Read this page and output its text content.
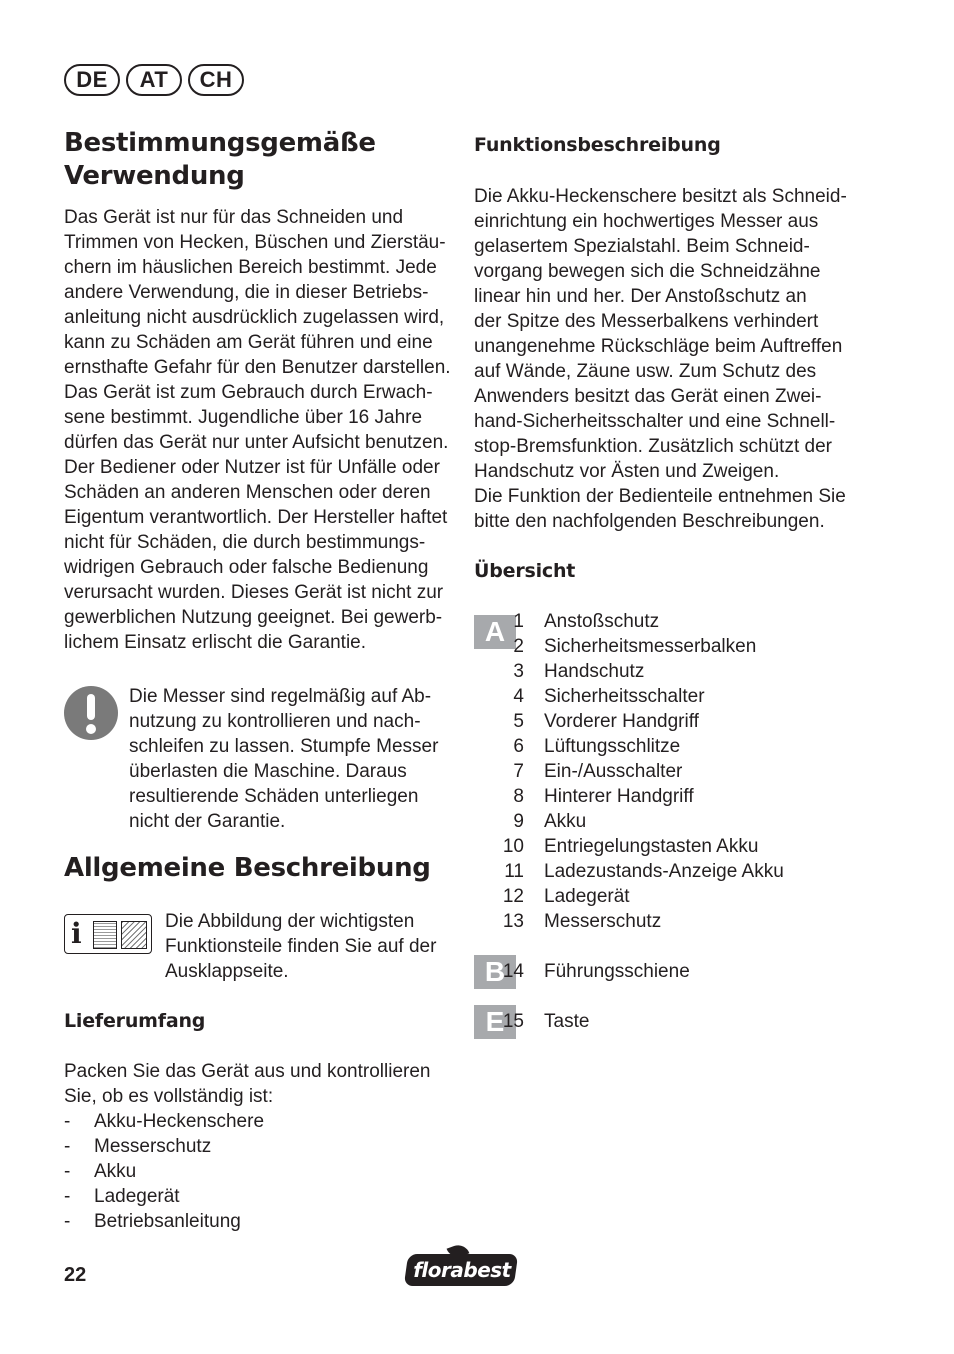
DE	AT	CH
Bestimmungsgemäße
Verwendung

Das Gerät ist nur für das Schneiden und

Trimmen von Hecken, Büschen und Zierstäu-

chern im häuslichen Bereich bestimmt. Jede

andere Verwendung, die in dieser Betriebs-

anleitung nicht ausdrücklich zugelassen wird,

kann zu Schäden am Gerät führen und eine

ernsthafte Gefahr für den Benutzer darstellen.

Das Gerät ist zum Gebrauch durch Erwach-

sene bestimmt. Jugendliche über 16 Jahre

dürfen das Gerät nur unter Aufsicht benutzen.

Der Bediener oder Nutzer ist für Unfälle oder

Schäden an anderen Menschen oder deren

Eigentum verantwortlich. Der Hersteller haftet

nicht für Schäden, die durch bestimmungs-

widrigen Gebrauch oder falsche Bedienung

verursacht wurden. Dieses Gerät ist nicht zur

gewerblichen Nutzung geeignet. Bei gewerb-

lichem Einsatz erlischt die Garantie.

Die Messer sind regelmäßig auf Ab-

nutzung zu kontrollieren und nach-

schleifen zu lassen. Stumpfe Messer

überlasten die Maschine. Daraus

resultierende Schäden unterliegen

nicht der Garantie.

Allgemeine Beschreibung
i	Die Abbildung der wichtigsten

Funktionsteile finden Sie auf der

Ausklappseite.

Lieferumfang

Packen Sie das Gerät aus und kontrollieren

Sie, ob es vollständig ist:

- Akku-Heckenschere
- Messerschutz
- Akku
- Ladegerät
- Betriebsanleitung
Funktionsbeschreibung

Die Akku-Heckenschere besitzt als Schneid-

einrichtung ein hochwertiges Messer aus

gelasertem Spezialstahl. Beim Schneid-

vorgang bewegen sich die Schneidzähne

linear hin und her. Der Anstoßschutz an

der Spitze des Messerbalkens verhindert

unangenehme Rückschläge beim Auftreffen

auf Wände, Zäune usw. Zum Schutz des

Anwenders besitzt das Gerät einen Zwei-

hand-Sicherheitsschalter und eine Schnell-

stop-Bremsfunktion. Zusätzlich schützt der

Handschutz vor Ästen und Zweigen.

Die Funktion der Bedienteile entnehmen Sie

bitte den nachfolgenden Beschreibungen.

Übersicht
A 1	Anstoßschutz
2	Sicherheitsmesserbalken
3	Handschutz
4	Sicherheitsschalter
5	Vorderer Handgriff
6	Lüftungsschlitze
7	Ein-/Ausschalter
8	Hinterer Handgriff
9	Akku
10	Entriegelungstasten Akku
11	Ladezustands-Anzeige Akku
12	Ladegerät
13	Messerschutz
B
14	Führungsschiene
E
15	Taste
22	florabest
